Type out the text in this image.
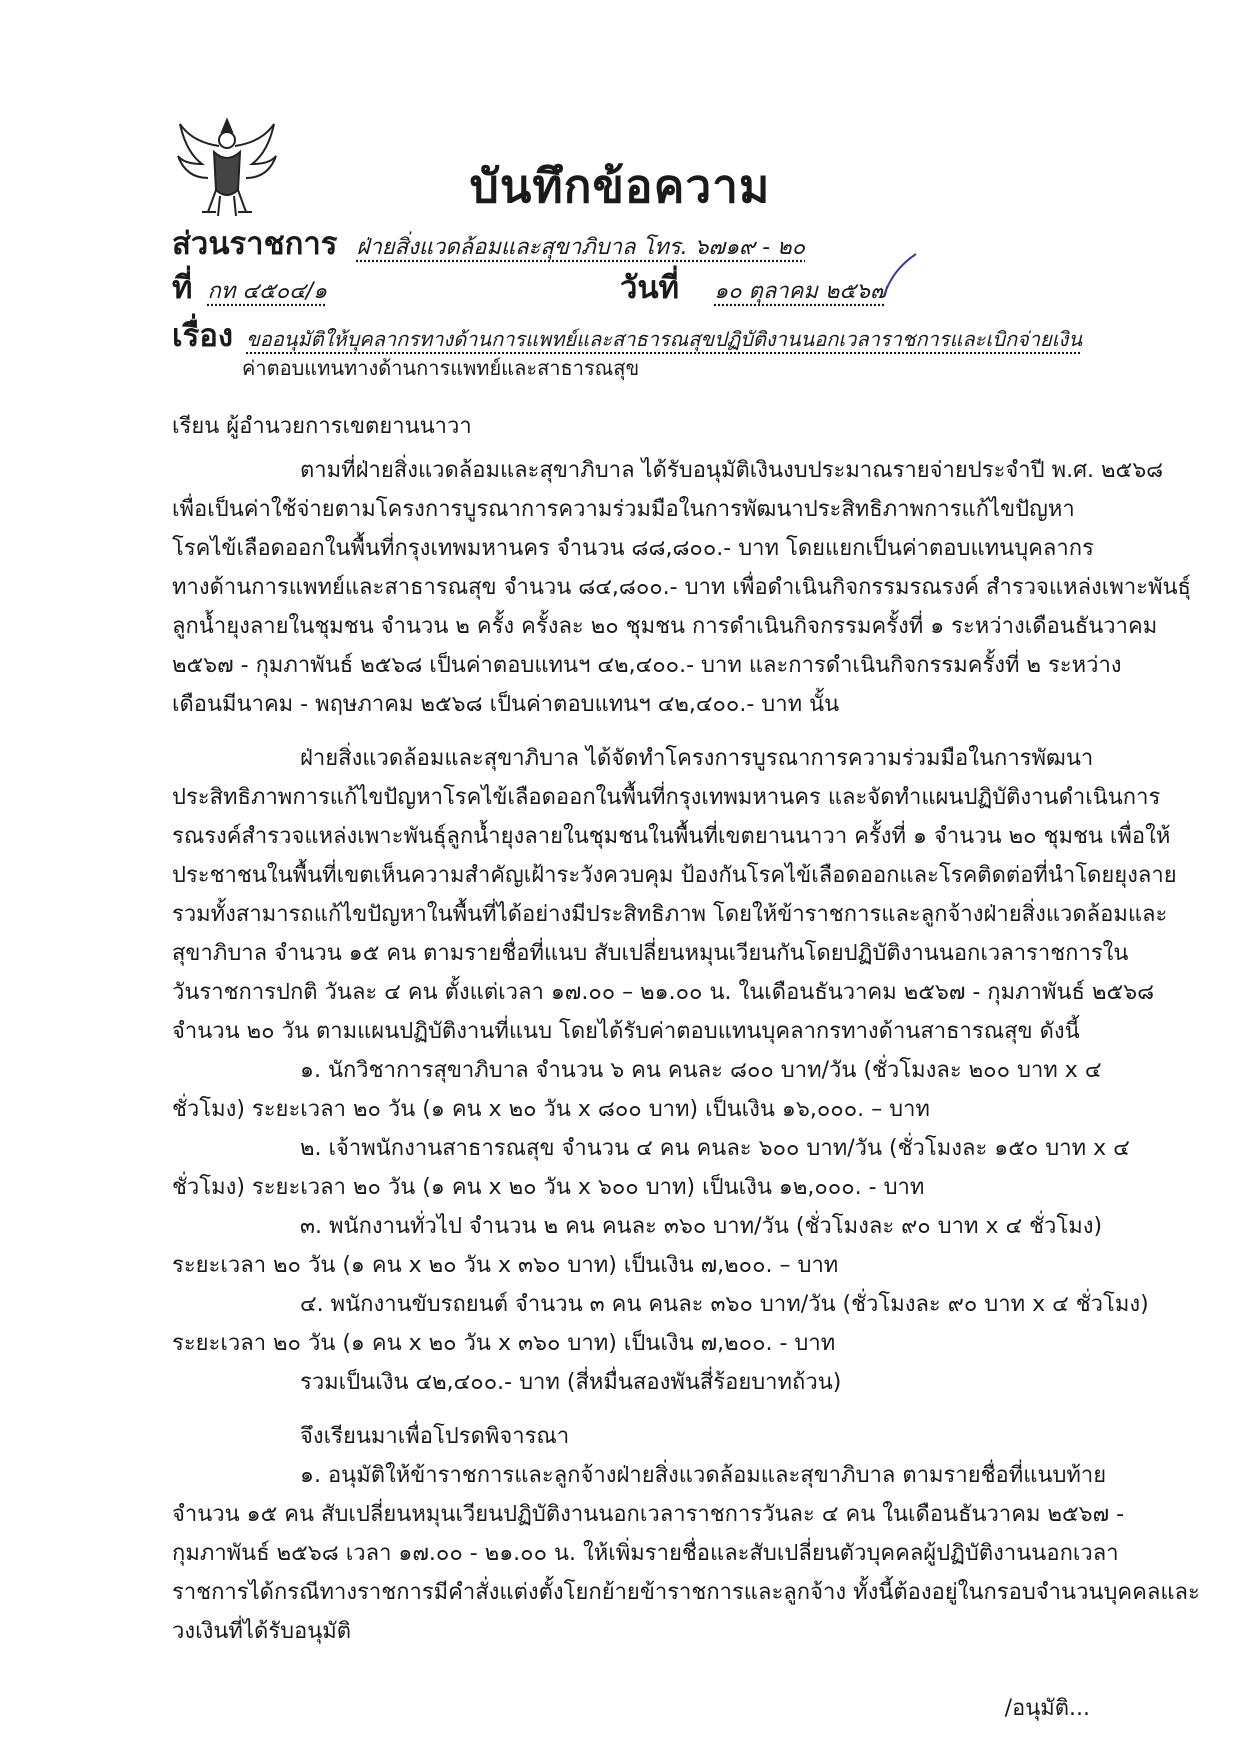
บันทึกข้อความ
ส่วนราชการ ฝ่ายสิ่งแวดล้อมและสุขาภิบาล โทร. ๖๗๑๙ - ๒๐
ที่ กท ๔๕๐๔/๑	วันที่ ๑๐ ตุลาคม ๒๕๖๗
เรื่อง ขออนุมัติให้บุคลากรทางด้านการแพทย์และสาธารณสุขปฏิบัติงานนอกเวลาราชการและเบิกจ่ายเงิน
ค่าตอบแทนทางด้านการแพทย์และสาธารณสุข
เรียน ผู้อำนวยการเขตยานนาวา
ตามที่ฝ่ายสิ่งแวดล้อมและสุขาภิบาล ได้รับอนุมัติเงินงบประมาณรายจ่ายประจำปี พ.ศ. ๒๕๖๘
เพื่อเป็นค่าใช้จ่ายตามโครงการบูรณาการความร่วมมือในการพัฒนาประสิทธิภาพการแก้ไขปัญหา
โรคไข้เลือดออกในพื้นที่กรุงเทพมหานคร จำนวน ๘๘,๘๐๐.- บาท โดยแยกเป็นค่าตอบแทนบุคลากร
ทางด้านการแพทย์และสาธารณสุข จำนวน ๘๔,๘๐๐.- บาท เพื่อดำเนินกิจกรรมรณรงค์ สำรวจแหล่งเพาะพันธุ์
ลูกน้ำยุงลายในชุมชน จำนวน ๒ ครั้ง ครั้งละ ๒๐ ชุมชน การดำเนินกิจกรรมครั้งที่ ๑ ระหว่างเดือนธันวาคม
๒๕๖๗ - กุมภาพันธ์ ๒๕๖๘ เป็นค่าตอบแทนฯ ๔๒,๔๐๐.- บาท และการดำเนินกิจกรรมครั้งที่ ๒ ระหว่าง
เดือนมีนาคม - พฤษภาคม ๒๕๖๘ เป็นค่าตอบแทนฯ ๔๒,๔๐๐.- บาท นั้น
ฝ่ายสิ่งแวดล้อมและสุขาภิบาล ได้จัดทำโครงการบูรณาการความร่วมมือในการพัฒนา
ประสิทธิภาพการแก้ไขปัญหาโรคไข้เลือดออกในพื้นที่กรุงเทพมหานคร และจัดทำแผนปฏิบัติงานดำเนินการ
รณรงค์สำรวจแหล่งเพาะพันธุ์ลูกน้ำยุงลายในชุมชนในพื้นที่เขตยานนาวา ครั้งที่ ๑ จำนวน ๒๐ ชุมชน เพื่อให้
ประชาชนในพื้นที่เขตเห็นความสำคัญเฝ้าระวังควบคุม ป้องกันโรคไข้เลือดออกและโรคติดต่อที่นำโดยยุงลาย
รวมทั้งสามารถแก้ไขปัญหาในพื้นที่ได้อย่างมีประสิทธิภาพ โดยให้ข้าราชการและลูกจ้างฝ่ายสิ่งแวดล้อมและ
สุขาภิบาล จำนวน ๑๕ คน ตามรายชื่อที่แนบ สับเปลี่ยนหมุนเวียนกันโดยปฏิบัติงานนอกเวลาราชการใน
วันราชการปกติ วันละ ๔ คน ตั้งแต่เวลา ๑๗.๐๐ – ๒๑.๐๐ น. ในเดือนธันวาคม ๒๕๖๗ - กุมภาพันธ์ ๒๕๖๘
จำนวน ๒๐ วัน ตามแผนปฏิบัติงานที่แนบ โดยได้รับค่าตอบแทนบุคลากรทางด้านสาธารณสุข ดังนี้
๑. นักวิชาการสุขาภิบาล จำนวน ๖ คน คนละ ๘๐๐ บาท/วัน (ชั่วโมงละ ๒๐๐ บาท x ๔
ชั่วโมง) ระยะเวลา ๒๐ วัน (๑ คน x ๒๐ วัน x ๘๐๐ บาท) เป็นเงิน ๑๖,๐๐๐. – บาท
๒. เจ้าพนักงานสาธารณสุข จำนวน ๔ คน คนละ ๖๐๐ บาท/วัน (ชั่วโมงละ ๑๕๐ บาท x ๔
ชั่วโมง) ระยะเวลา ๒๐ วัน (๑ คน x ๒๐ วัน x ๖๐๐ บาท) เป็นเงิน ๑๒,๐๐๐. - บาท
๓. พนักงานทั่วไป จำนวน ๒ คน คนละ ๓๖๐ บาท/วัน (ชั่วโมงละ ๙๐ บาท x ๔ ชั่วโมง)
ระยะเวลา ๒๐ วัน (๑ คน x ๒๐ วัน x ๓๖๐ บาท) เป็นเงิน ๗,๒๐๐. – บาท
๔. พนักงานขับรถยนต์ จำนวน ๓ คน คนละ ๓๖๐ บาท/วัน (ชั่วโมงละ ๙๐ บาท x ๔ ชั่วโมง)
ระยะเวลา ๒๐ วัน (๑ คน x ๒๐ วัน x ๓๖๐ บาท) เป็นเงิน ๗,๒๐๐. - บาท
รวมเป็นเงิน ๔๒,๔๐๐.- บาท (สี่หมื่นสองพันสี่ร้อยบาทถ้วน)
จึงเรียนมาเพื่อโปรดพิจารณา
๑. อนุมัติให้ข้าราชการและลูกจ้างฝ่ายสิ่งแวดล้อมและสุขาภิบาล ตามรายชื่อที่แนบท้าย
จำนวน ๑๕ คน สับเปลี่ยนหมุนเวียนปฏิบัติงานนอกเวลาราชการวันละ ๔ คน ในเดือนธันวาคม ๒๕๖๗ -
กุมภาพันธ์ ๒๕๖๘ เวลา ๑๗.๐๐ - ๒๑.๐๐ น. ให้เพิ่มรายชื่อและสับเปลี่ยนตัวบุคคลผู้ปฏิบัติงานนอกเวลา
ราชการได้กรณีทางราชการมีคำสั่งแต่งตั้งโยกย้ายข้าราชการและลูกจ้าง ทั้งนี้ต้องอยู่ในกรอบจำนวนบุคคลและ
วงเงินที่ได้รับอนุมัติ
/อนุมัติ...
